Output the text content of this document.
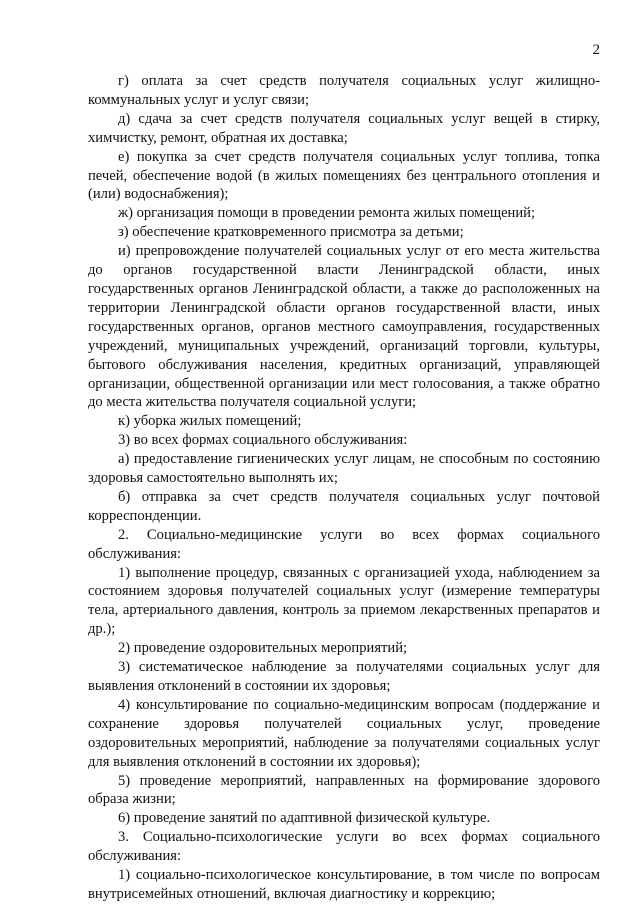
2

г) оплата за счет средств получателя социальных услуг жилищно-коммунальных услуг и услуг связи;

д) сдача за счет средств получателя социальных услуг вещей в стирку, химчистку, ремонт, обратная их доставка;

е) покупка за счет средств получателя социальных услуг топлива, топка печей, обеспечение водой (в жилых помещениях без центрального отопления и (или) водоснабжения);

ж) организация помощи в проведении ремонта жилых помещений;

з) обеспечение кратковременного присмотра за детьми;

и) препровождение получателей социальных услуг от его места жительства до органов государственной власти Ленинградской области, иных государственных органов Ленинградской области, а также до расположенных на территории Ленинградской области органов государственной власти, иных государственных органов, органов местного самоуправления, государственных учреждений, муниципальных учреждений, организаций торговли, культуры, бытового обслуживания населения, кредитных организаций, управляющей организации, общественной организации или мест голосования, а также обратно до места жительства получателя социальной услуги;

к) уборка жилых помещений;

3) во всех формах социального обслуживания:

а) предоставление гигиенических услуг лицам, не способным по состоянию здоровья самостоятельно выполнять их;

б) отправка за счет средств получателя социальных услуг почтовой корреспонденции.

2. Социально-медицинские услуги во всех формах социального обслуживания:

1) выполнение процедур, связанных с организацией ухода, наблюдением за состоянием здоровья получателей социальных услуг (измерение температуры тела, артериального давления, контроль за приемом лекарственных препаратов и др.);

2) проведение оздоровительных мероприятий;

3) систематическое наблюдение за получателями социальных услуг для выявления отклонений в состоянии их здоровья;

4) консультирование по социально-медицинским вопросам (поддержание и сохранение здоровья получателей социальных услуг, проведение оздоровительных мероприятий, наблюдение за получателями социальных услуг для выявления отклонений в состоянии их здоровья);

5) проведение мероприятий, направленных на формирование здорового образа жизни;

6) проведение занятий по адаптивной физической культуре.

3. Социально-психологические услуги во всех формах социального обслуживания:

1) социально-психологическое консультирование, в том числе по вопросам внутрисемейных отношений, включая диагностику и коррекцию;
